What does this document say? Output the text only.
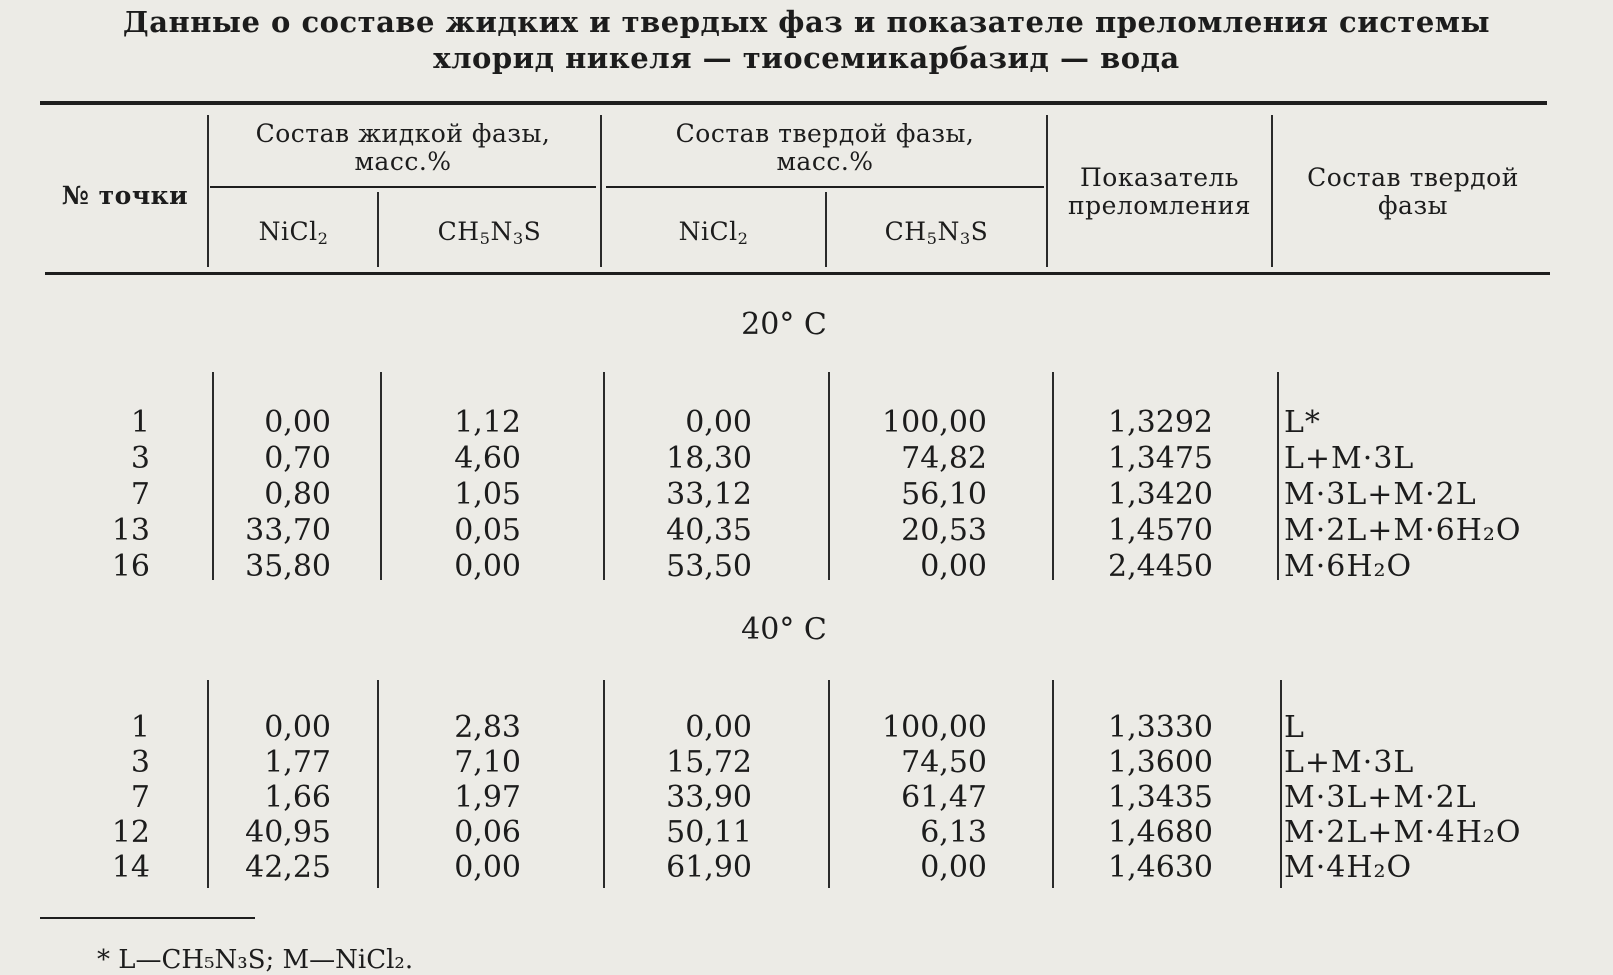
Данные о составе жидких и твердых фаз и показателе преломления системы
хлорид никеля — тиосемикарбазид — вода
№ точки
Состав жидкой фазы,
масс.%
Состав твердой фазы,
масс.%
NiCl$_2$	$CH_5N_3S$	NiCl$_2$	$CH_5N_3S$
Показатель
преломления
Состав твердой
фазы
20° С
1	0,00	1,12	0,00	100,00	1,3292 L*
3	0,70	4,60	18,30	74,82	1,3475 L+M·3L
7	0,80	1,05	33,12	56,10	1,3420 M·3L+M·2L
13	33,70	0,05	40,35	20,53	1,4570 M·2L+M·6H₂O
16	35,80	0,00	53,50	0,00	2,4450 M·6H₂O
40° С
1	0,00	2,83	0,00	100,00	1,3330 L
3	1,77	7,10	15,72	74,50	1,3600 L+M·3L
7	1,66	1,97	33,90	61,47	1,3435 M·3L+M·2L
12	40,95	0,06	50,11	6,13	1,4680 M·2L+M·4H₂O
14	42,25	0,00	61,90	0,00	1,4630 M·4H₂O
* L—CH₅N₃S; M—NiCl₂.
